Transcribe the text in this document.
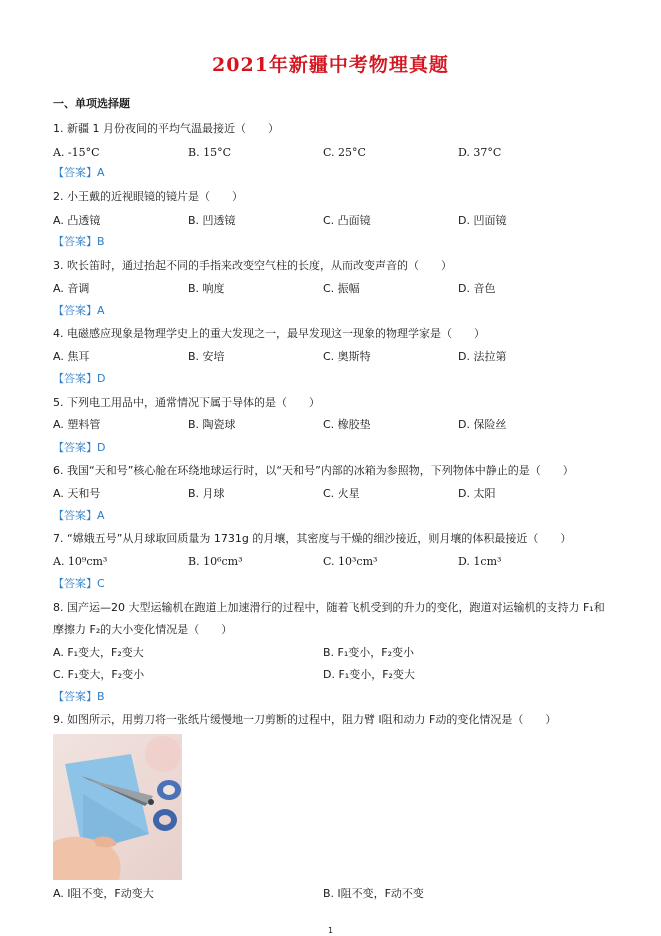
2021年新疆中考物理真题
一、单项选择题
1. 新疆 1 月份夜间的平均气温最接近（　　）
A. -15°C	B. 15°C	C. 25°C	D. 37°C
【答案】A
2. 小王戴的近视眼镜的镜片是（　　）
A. 凸透镜	B. 凹透镜	C. 凸面镜	D. 凹面镜
【答案】B
3. 吹长笛时，通过抬起不同的手指来改变空气柱的长度，从而改变声音的（　　）
A. 音调	B. 响度	C. 振幅	D. 音色
【答案】A
4. 电磁感应现象是物理学史上的重大发现之一，最早发现这一现象的物理学家是（　　）
A. 焦耳	B. 安培	C. 奥斯特	D. 法拉第
【答案】D
5. 下列电工用品中，通常情况下属于导体的是（　　）
A. 塑料管	B. 陶瓷球	C. 橡胶垫	D. 保险丝
【答案】D
6. 我国“天和号”核心舱在环绕地球运行时，以“天和号”内部的冰箱为参照物，下列物体中静止的是（　　）
A. 天和号	B. 月球	C. 火星	D. 太阳
【答案】A
7. “嫦娥五号”从月球取回质量为 1731g 的月壤，其密度与干燥的细沙接近，则月壤的体积最接近（　　）
A. 10⁹cm³	B. 10⁶cm³	C. 10³cm³	D. 1cm³
【答案】C
8. 国产运—20 大型运输机在跑道上加速滑行的过程中，随着飞机受到的升力的变化，跑道对运输机的支持力 F₁和
摩擦力 F₂的大小变化情况是（　　）
A. F₁变大，F₂变大	B. F₁变小，F₂变小
C. F₁变大，F₂变小	D. F₁变小，F₂变大
【答案】B
9. 如图所示，用剪刀将一张纸片缓慢地一刀剪断的过程中，阻力臂 l阻和动力 F动的变化情况是（　　）
A. l阻不变，F动变大	B. l阻不变，F动不变
1
